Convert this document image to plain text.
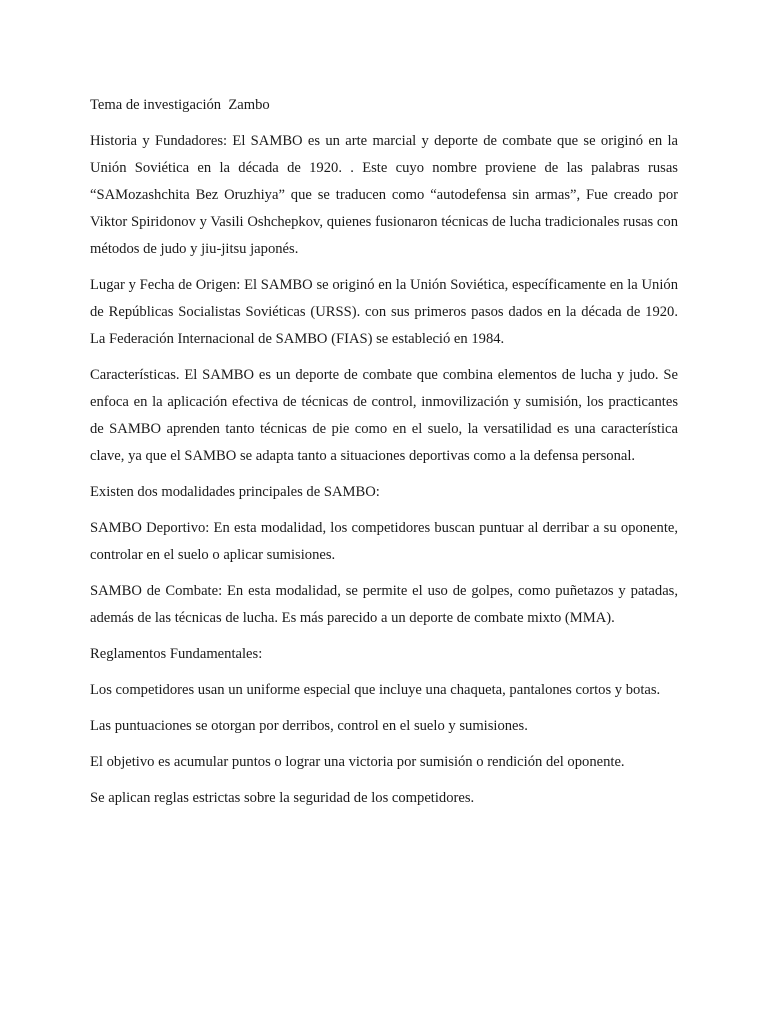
Tema de investigación  Zambo

Historia y Fundadores: El SAMBO es un arte marcial y deporte de combate que se originó en la Unión Soviética en la década de 1920. . Este cuyo nombre proviene de las palabras rusas “SAMozashchita Bez Oruzhiya” que se traducen como “autodefensa sin armas”, Fue creado por Viktor Spiridonov y Vasili Oshchepkov, quienes fusionaron técnicas de lucha tradicionales rusas con métodos de judo y jiu-jitsu japonés.

Lugar y Fecha de Origen: El SAMBO se originó en la Unión Soviética, específicamente en la Unión de Repúblicas Socialistas Soviéticas (URSS). con sus primeros pasos dados en la década de 1920. La Federación Internacional de SAMBO (FIAS) se estableció en 1984.

Características. El SAMBO es un deporte de combate que combina elementos de lucha y judo. Se enfoca en la aplicación efectiva de técnicas de control, inmovilización y sumisión, los practicantes de SAMBO aprenden tanto técnicas de pie como en el suelo, la versatilidad es una característica clave, ya que el SAMBO se adapta tanto a situaciones deportivas como a la defensa personal.

Existen dos modalidades principales de SAMBO:

SAMBO Deportivo: En esta modalidad, los competidores buscan puntuar al derribar a su oponente, controlar en el suelo o aplicar sumisiones.

SAMBO de Combate: En esta modalidad, se permite el uso de golpes, como puñetazos y patadas, además de las técnicas de lucha. Es más parecido a un deporte de combate mixto (MMA).

Reglamentos Fundamentales:

Los competidores usan un uniforme especial que incluye una chaqueta, pantalones cortos y botas.

Las puntuaciones se otorgan por derribos, control en el suelo y sumisiones.

El objetivo es acumular puntos o lograr una victoria por sumisión o rendición del oponente.

Se aplican reglas estrictas sobre la seguridad de los competidores.
